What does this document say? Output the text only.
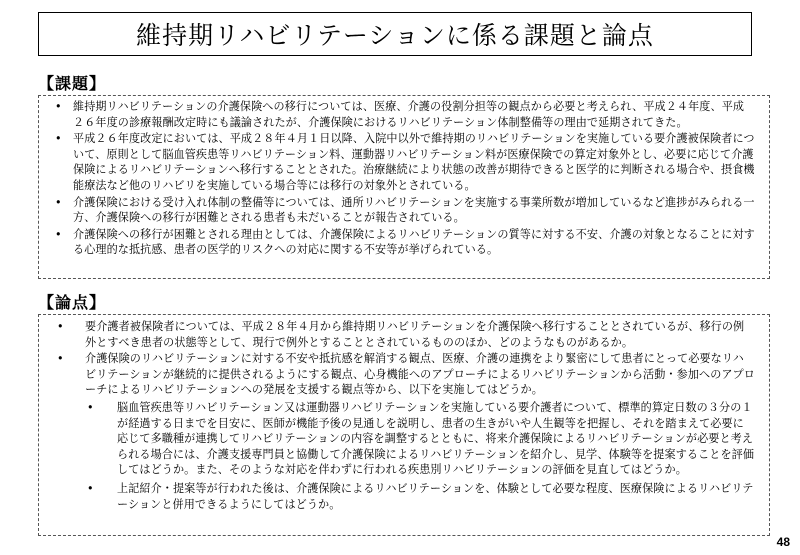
維持期リハビリテーションに係る課題と論点
【課題】
•	維持期リハビリテーションの介護保険への移行については、医療、介護の役割分担等の観点から必要と考えられ、平成２４年度、平成２６年度の診療報酬改定時にも議論されたが、介護保険におけるリハビリテーション体制整備等の理由で延期されてきた。
•	平成２６年度改定においては、平成２８年４月１日以降、入院中以外で維持期のリハビリテーションを実施している要介護被保険者について、原則として脳血管疾患等リハビリテーション料、運動器リハビリテーション料が医療保険での算定対象外とし、必要に応じて介護保険によるリハビリテーションへ移行することとされた。治療継続により状態の改善が期待できると医学的に判断される場合や、摂食機能療法など他のリハビリを実施している場合等には移行の対象外とされている。
•	介護保険における受け入れ体制の整備等については、通所リハビリテーションを実施する事業所数が増加しているなど進捗がみられる一方、介護保険への移行が困難とされる患者も未だいることが報告されている。
•	介護保険への移行が困難とされる理由としては、介護保険によるリハビリテーションの質等に対する不安、介護の対象となることに対する心理的な抵抗感、患者の医学的リスクへの対応に関する不安等が挙げられている。
【論点】
•	要介護者被保険者については、平成２８年４月から維持期リハビリテーションを介護保険へ移行することとされているが、移行の例外とすべき患者の状態等として、現行で例外とすることとされているもののほか、どのようなものがあるか。
•	介護保険のリハビリテーションに対する不安や抵抗感を解消する観点、医療、介護の連携をより緊密にして患者にとって必要なリハビリテーションが継続的に提供されるようにする観点、心身機能へのアプローチによるリハビリテーションから活動・参加へのアプローチによるリハビリテーションへの発展を支援する観点等から、以下を実施してはどうか。
•	脳血管疾患等リハビリテーション又は運動器リハビリテーションを実施している要介護者について、標準的算定日数の３分の１が経過する日までを目安に、医師が機能予後の見通しを説明し、患者の生きがいや人生観等を把握し、それを踏まえて必要に応じて多職種が連携してリハビリテーションの内容を調整するとともに、将来介護保険によるリハビリテーションが必要と考えられる場合には、介護支援専門員と協働して介護保険によるリハビリテーションを紹介し、見学、体験等を提案することを評価してはどうか。また、そのような対応を伴わずに行われる疾患別リハビリテーションの評価を見直してはどうか。
•	上記紹介・提案等が行われた後は、介護保険によるリハビリテーションを、体験として必要な程度、医療保険によるリハビリテーションと併用できるようにしてはどうか。
48
